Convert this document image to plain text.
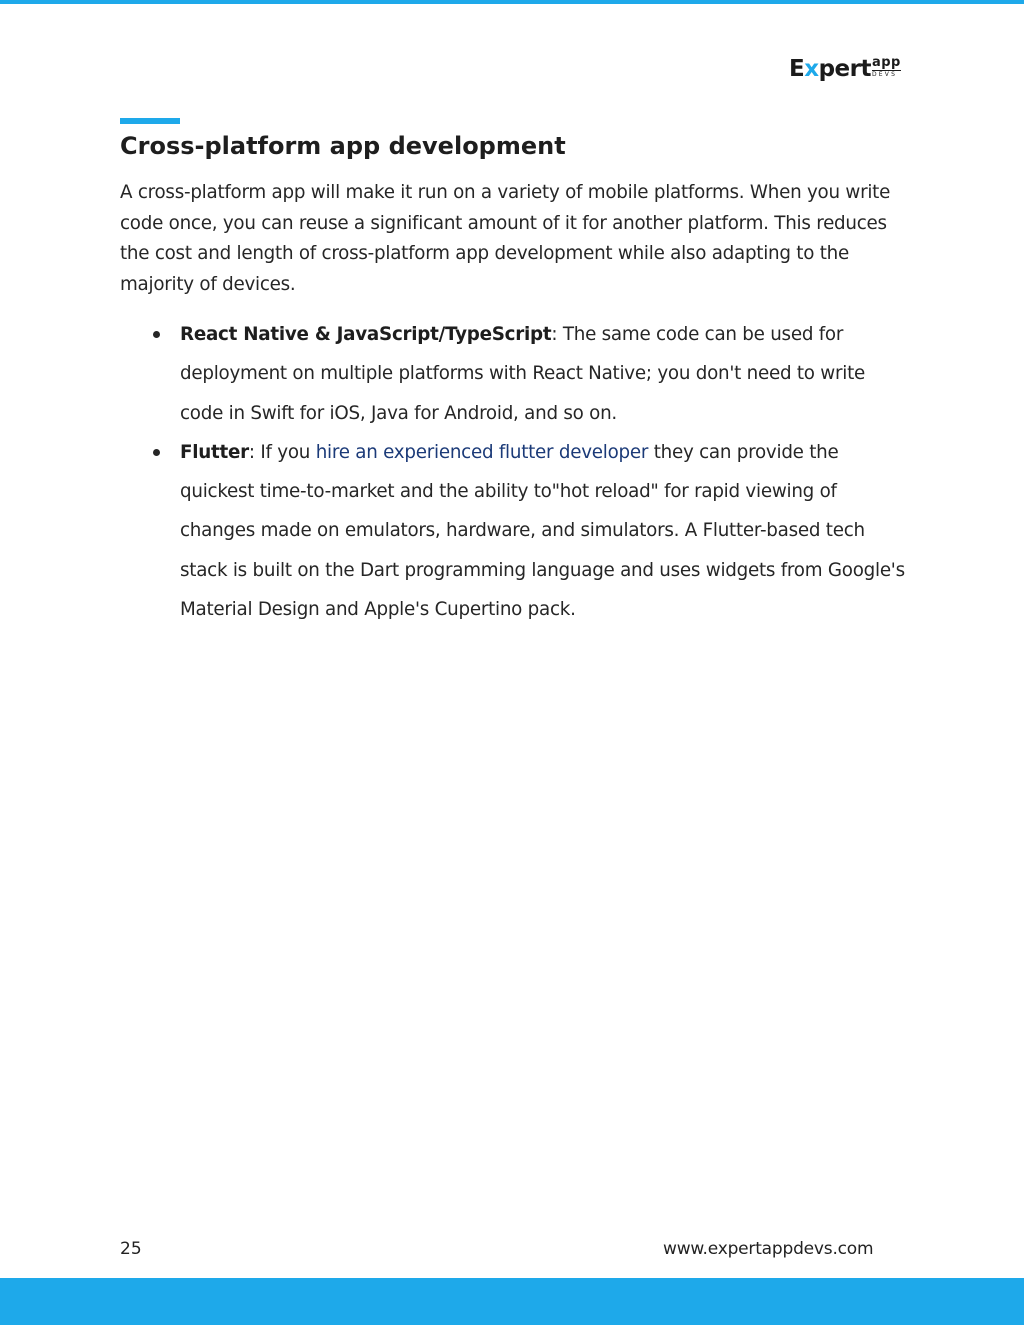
Expert app
DEVS
Cross-platform app development

A cross-platform app will make it run on a variety of mobile platforms. When you write
code once, you can reuse a significant amount of it for another platform. This reduces
the cost and length of cross-platform app development while also adapting to the
majority of devices.

React Native & JavaScript/TypeScript: The same code can be used for
deployment on multiple platforms with React Native; you don't need to write
code in Swift for iOS, Java for Android, and so on.
Flutter: If you hire an experienced flutter developer they can provide the
quickest time-to-market and the ability to"hot reload" for rapid viewing of
changes made on emulators, hardware, and simulators. A Flutter-based tech
stack is built on the Dart programming language and uses widgets from Google's
Material Design and Apple's Cupertino pack.
25	www.expertappdevs.com
